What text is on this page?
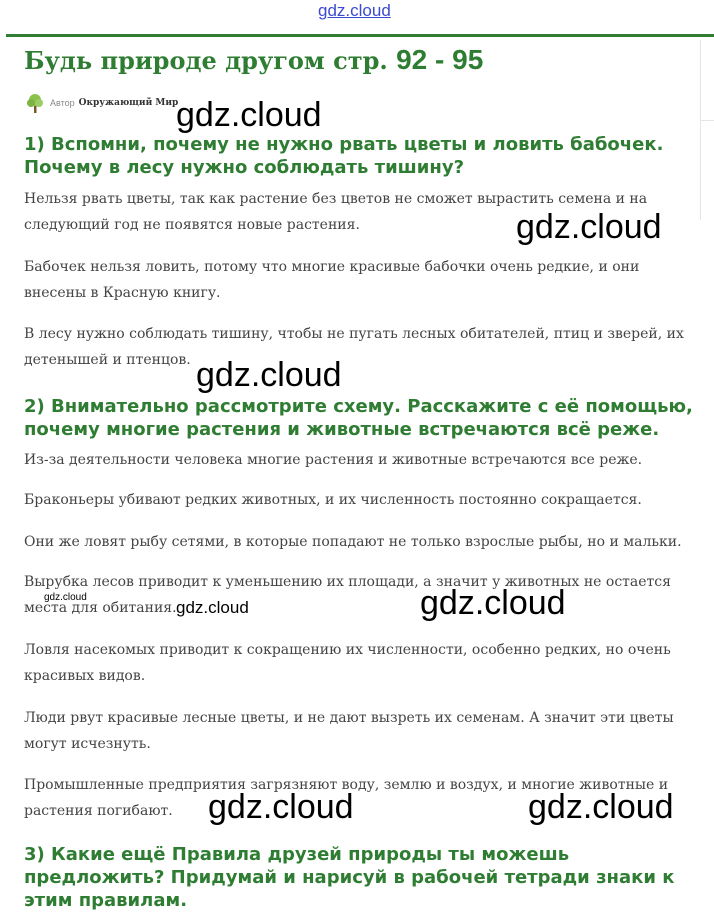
gdz.cloud
Будь природе другом стр. 92 - 95
Автор Окружающий Мир
1) Вспомни, почему не нужно рвать цветы и ловить бабочек. Почему в лесу нужно соблюдать тишину?

Нельзя рвать цветы, так как растение без цветов не сможет вырастить семена и на следующий год не появятся новые растения.

Бабочек нельзя ловить, потому что многие красивые бабочки очень редкие, и они внесены в Красную книгу.

В лесу нужно соблюдать тишину, чтобы не пугать лесных обитателей, птиц и зверей, их детенышей и птенцов.

2) Внимательно рассмотрите схему. Расскажите с её помощью, почему многие растения и животные встречаются всё реже.

Из-за деятельности человека многие растения и животные встречаются все реже.

Браконьеры убивают редких животных, и их численность постоянно сокращается.

Они же ловят рыбу сетями, в которые попадают не только взрослые рыбы, но и мальки.

Вырубка лесов приводит к уменьшению их площади, а значит у животных не остается места для обитания.

Ловля насекомых приводит к сокращению их численности, особенно редких, но очень красивых видов.

Люди рвут красивые лесные цветы, и не дают вызреть их семенам. А значит эти цветы могут исчезнуть.

Промышленные предприятия загрязняют воду, землю и воздух, и многие животные и растения погибают.

3) Какие ещё Правила друзей природы ты можешь предложить? Придумай и нарисуй в рабочей тетради знаки к этим правилам.
gdz.cloud
gdz.cloud
gdz.cloud
gdz.cloud
gdz.cloud	gdz.cloud
gdz.cloud	gdz.cloud
